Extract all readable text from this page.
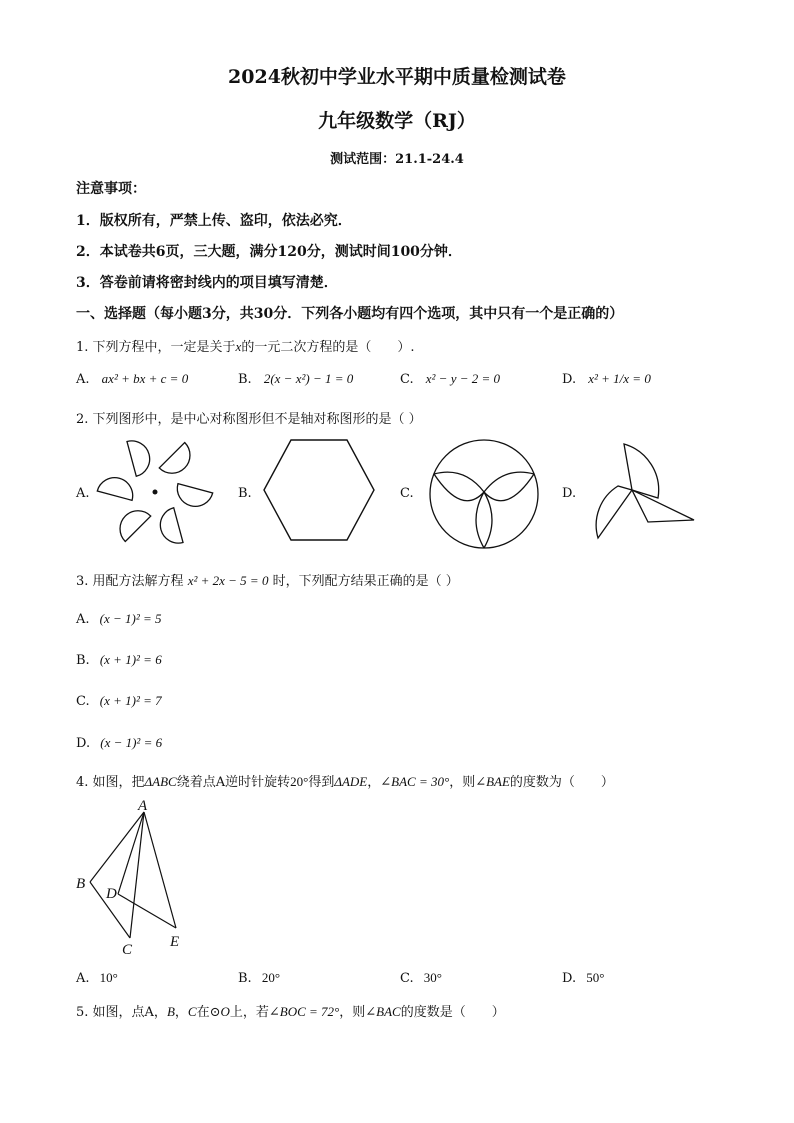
2024秋初中学业水平期中质量检测试卷
九年级数学（RJ）
测试范围：21.1-24.4
注意事项：
1．版权所有，严禁上传、盗印，依法必究．
2．本试卷共6页，三大题，满分120分，测试时间100分钟．
3．答卷前请将密封线内的项目填写清楚．
一、选择题（每小题3分，共30分．下列各小题均有四个选项，其中只有一个是正确的）
1. 下列方程中，一定是关于x的一元二次方程的是（　　）.
A. ax² + bx + c = 0	B. 2(x − x²) − 1 = 0	C. x² − y − 2 = 0	D. x² + 1/x = 0
2. 下列图形中，是中心对称图形但不是轴对称图形的是（ ）
A.	B.	C.	D.
3. 用配方法解方程 x² + 2x − 5 = 0 时，下列配方结果正确的是（ ）
A. (x − 1)² = 5
B. (x + 1)² = 6
C. (x + 1)² = 7
D. (x − 1)² = 6
4. 如图，把ΔABC绕着点A逆时针旋转20°得到ΔADE，∠BAC = 30°，则∠BAE的度数为（　　）
A
B
C
D
E
A. 10°	B. 20°	C. 30°	D. 50°
5. 如图，点A，B，C在⊙O上，若∠BOC = 72°，则∠BAC的度数是（　　）
